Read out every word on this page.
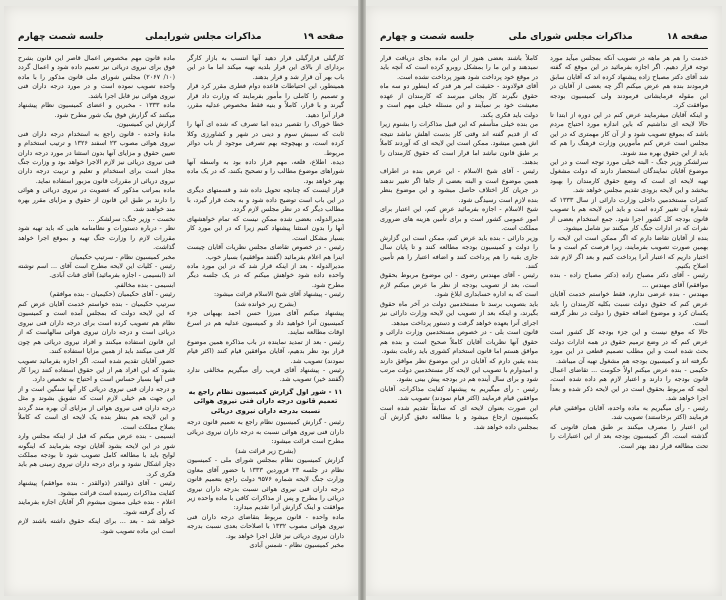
صفحه ۱۹
مذاکرات مجلس شورایملی
جلسه شصت چهارم

کارگیلی قرارگیلی قرار دهید آنها انتسب به بازار کارگر بردارای از بالای این قرار بلدیه تهیه میکند اما ما در این باب بهر آن قرار شد و قرار بدهند.

همینطور، این احتیاطات قاعده دوام فطری مقرر کرد قرار و تصمیم را کاملی را مأمور بفرمایند که وزارت داد قرار گیرند و با قرار، کاملاً و بنیه فقط مخصوص عدلیه مقرر، قرار آنرا دهید.

خطا خوراک را تقصیر دیده اما تصرف که شده ای آنها را ثابت که سببش سوم و دینی در شهر و کشاورزی وکلا کرده است، و بهیچوجه بهم تصرفی موجود از باب دوائر مربوط.

دیده. اطلاع، فلعه، مهم قرار داده بود به واسطه آنها شوراهای موضوع مطالب را و تصحیح بکنند، که در یک ماده بهتر خواهد بود.

قرار اینست که چنانچه تحویل داده شد و قسمتهای دیگری در این باب است توضیح داده شود و به بحث قرار گیرد، با مطالب دیگر که در نظر مجلس لازم گردد.

مدیرالدوله، بعضی شده ممکن نیست که تمام خواهشهای آنها را بدون استثنا پیشنهاد کنیم زیرا که در این مورد کار بسیار مشکل است.

رئیس - در خصوص تقاضای مجلس نظریات آقایان چیست اینرا هم اعلام بفرمائید (گفتند موافقیم) بسیار خوب.

مدیرالدوله - بعد از اینکه قرار شد که در این مورد ماده واحده داده شود خواهش میکنم که در یک جلسه دیگر مطرح شود.

رئیس - پیشنهاد آقای شیخ الاسلام قرائت میشود:

(بشرح زیر خوانده شد)

پیشنهاد میکنم آقای میرزا حسن احمد بهبهانی جزء کمیسیون آنرا خواهید داد و کمیسیون عدلیه هم در اسرع اوقات مطالعه نمایند.

رئیس - بعد از تمدید نماینده در باب مذاکره همین موضوع قرار بود نظر بدهیم، آقایان موافقین قیام کنند (اکثر قیام نمودند) تصویب شد.

رئیس - پیشنهاد آقای قریب رأی میگیریم مخالفی ندارد (گفتند خیر) تصویب شد.

۱۱ - شور اول گزارش کمیسیون نظام راجع به تعمیم قانون درجه داران فنی نیروی هوائی نسبت بدرجه داران نیروی دریائی

رئیس - گزارش کمیسیون نظام راجع به تعمیم قانون درجه داران فنی نیروی هوائی نسبت به درجه داران نیروی دریائی مطرح است قرائت میشود:

(بشرح زیر قرائت شد)

گزارش کمیسیون نظام بمجلس شورای ملی - کمیسیون نظام در جلسه ۲۳ فروردین ۱۳۳۳ با حضور آقای معاون وزارت جنگ لایحه شماره ۹۵۷۶ دولت راجع بتعمیم قانون درجه داران فنی نیروی هوائی نسبت بدرجه داران نیروی دریائی را مطرح و پس از مذاکرات کافی با ماده واحده زیر موافقت و اینک گزارش آنرا تقدیم میدارد:

ماده واحده - قانون مربوط بتقاضای درجه داران فنی نیروی هوائی مصوب ۱۳۳۲ با اصلاحات بعدی نسبت بدرجه داران نیروی دریائی نیز قابل اجرا خواهد بود.

مخبر کمیسیون نظام - شمس آبادی

ماده قانون مهم مخصوص اعمال قاصر این قانون بشرح فوق برای نیروی دریائی نیز تعمیم داده شود و اعمال گردد (۱۰/ ۲۰۶۷) مجلس شورای ملی قانون مذکور را با ماده واحده تصویب نموده است و در مورد درجه داران فنی نیروی هوائی نیز قابل اجرا باشد.

ماده ۱۳۳۳ - مخبرین و اعضای کمیسیون نظام پیشنهاد میکنند که گزارش فوق بیک شور مطرح شود.

گزارش این کمیسیون.

مادهٔ واحده - قانون راجع به استخدام درجه داران فنی نیروی هوائی مصوب ۲۳ اسفند ۱۳۲۶ و ترتیب استخدام و تعیین حقوق و مزایای آنها بدون استثنا در مورد درجه داران فنی نیروی دریائی نیز لازم الاجرا خواهد بود و وزارت جنگ مجاز است برای استخدام و تعلیم و تربیت درجه داران نیروی دریائی از مقررات قانون مزبور استفاده نماید.

ماده بمراتب مذکور که عضویت در نیروی دریائی و هوائی را دارند بر طبق این قانون از حقوق و مزایای مقرر بهره مند خواهند شد.

نخست - وزیر جنگ: سرلشکر ...

نظر - درباره دستورات و نظامنامه هایی که باید تهیه شود مقررات لازم را وزارت جنگ تهیه و بموقع اجرا خواهد گذاشت.

مخبر کمیسیون نظام - سرتیپ حکیمیان

رئیس - کلیات این لایحه مطرح است آقای ... اسم نوشته اند (ابسیمی - اجازه بفرمائید) آقای قنات آبادی.

ابسیمی - بنده مخالفم.

رئیس - آقای حکیمیان (حکیمیان - بنده موافقم)

سرتیپ حکیمیان - بنده خواستم خدمت آقایان عرض کنم که این لایحه دولت که بمجلس آمده است و کمیسیون نظام هم تصویب کرده است برای درجه داران فنی نیروی دریائی است و درجه داران نیروی هوائی سالهاست که از این قانون استفاده میکنند و افراد نیروی دریائی هم چون کار فنی میکنند باید از همین مزایا استفاده کنند.

حضور آقایان تقدیم شده است. اگر اجازه بفرمائید تصویب بشود که این افراد هم از این حقوق استفاده کنند زیرا کار فنی آنها بسیار حساس است و احتیاج به تخصص دارد.

و درجه داران فنی نیروی دریائی کار آنها سنگین است و از این جهت هم خیلی لازم است که تشویق بشوند و مثل درجه داران فنی نیروی هوائی از مزایای آن بهره مند گردند و این لایحه هم بنظر بنده یک لایحه ای است که کاملاً بصلاح مملکت است.

ابسیمی - بنده عرض میکنم که قبل از اینکه مجلس وارد شور در این لایحه بشود آقایان توجه بفرمایند که اینگونه لوایح باید با مطالعه کامل تصویب شود تا بودجه مملکت دچار اشکال نشود و برای درجه داران نیروی زمینی هم باید فکری کرد.

رئیس - آقای ذوالقدر (ذوالقدر - بنده موافقم) پیشنهاد کفایت مذاکرات رسیده است قرائت میشود.

اعلام - بنده خیلی ممنون میشوم اگر آقایان اجازه بفرمایند که رأی گرفته شود.

خواهد شد - بعد ... برای اینکه حقوق داشته باشند لازم است این ماده تصویب شود.

صفحه ۱۸
مذاکرات مجلس شورای ملی
جلسه شصت و چهارم

خدمت را هم هر ماهه در تصویب آنکه بمجلس میآید مورد توجه قرار دهیم. اگر اجازه بفرمائید در این موقع که گفته شد آقای دکتر مصباح زاده پیشنهاد کرده اند که آقایان سابق فرمودند بنده هم عرض میکنم اگر چه بعضی از آقایان در این مقوله فرمایشاتی فرمودند ولی کمیسیون بودجه موافقت کرد.

و اینکه آقایان میفرمایند عرض کنم در این دوره از ابتدا تا حالا لایحه ای نداشتیم که باین اندازه مورد احتیاج مردم باشد که بموقع تصویب شود و از آن کار مهمتری که در این مجلس است عرض کنم مأمورین وزارت فرهنگ را هم که باید از این حقوق بهره مند شوند.

سرلشکر وزیر جنگ - البته خیلی مورد توجه است و در این موضوع آقایان نمایندگان استحضار دارند که دولت مشغول تهیه لایحه ای است که وضع حقوق کارمندان را بهبود ببخشد و این لایحه بزودی تقدیم مجلس خواهد شد.

کنترات مستخدمین داخلی وزارت دارائی از سال ۱۳۳۳ که شماره آن تغییر کرده است و باید این لایحه هم با تصویب قانون بودجه کل کشور اجرا شود. جمع استخدام بعضی از نفرات که در ادارات جنگ کار میکنند نیز شامل میشود.

بنده از آقایان تقاضا دارم که اگر ممکن است این لایحه را بهمین صورت تصویب بفرمایند، زیرا فرصت کم است و ما اختیار داریم که اعتبار آنرا پرداخت کنیم و بعد اگر لازم شد اصلاح بکنیم.

رئیس - آقای دکتر مصباح زاده (دکتر مصباح زاده - بنده موافقم) آقای مهندس ...

مهندس - بنده عرضی ندارم، فقط خواستم خدمت آقایان عرض کنم که حقوق دولت نسبت بکلیه کارمندان را باید یکسان کرد و موضوع اضافه حقوق را دولت در نظر گرفته است.

حالا که موقع نیست و این جزء بودجه کل کشور است عرض کنم که در وضع ترمیم حقوق در همه ادارات دولت بحث شده است و این مطلب تصمیم قطعی در این مورد نگرفته اند و کمیسیون بودجه هم مشغول تهیه آن میباشد.

حکیمی - بنده عرض میکنم اولاً حکومت ... تقاضای اعمال قانون بودجه را دارند و اعتبار لازم هم داده شده است، آنچه که مربوط بحقوق است در این لایحه ذکر شده و بعداً اجرا خواهد شد.

رئیس - رأی میگیریم به ماده واحده، آقایان موافقین قیام فرمایند (اکثر برخاستند) تصویب شد.

این اعتبار را مصرف میکنند بر طبق همان قانونی که گذشته است. اگر کمیسیون بودجه بعد از این اعتبارات را تحت مطالعه قرار دهد بهتر است.

کاملاً باشند بعضی هنوز از این ماده بجای دریافت قرار نمیدهند و این ما را بمشکل روبرو کرده است که آنچه باید در موقع خود پرداخت شود هنوز پرداخت نشده است.

آقای فولادوند - حقیقت امر هر قدر که اینطور دو سه ماه حقوق نگیرند کار بجائی میرسد که کارمندان از عهده معیشت خود بر نمیآیند و این مسئله خیلی مهم است و دولت باید فکری بکند.

من بنده خیلی متأسفم که این قبیل مذاکرات را بشنوم زیرا که از قدیم گفته اند وقتی کار بدست اهلش نباشد نتیجه اش همین میشود. ممکن است این لایحه ای که آوردند کاملاً بر طبق قانون نباشد اما قرار است که حقوق کارمندان را بدهند.

رئیس - آقای شیخ الاسلام - این عرض بنده در اطراف همین موضوع است و البته بعضی از جاها اگر تغییر ندهند در جریان کار اختلاف حاصل میشود و این موضوع بنظر بنده لازم است رسیدگی شود.

شیخ الاسلام - اجازه بفرمائید عرض کنم، این اعتبار برای امور عمومی کشور است و برای تأمین هزینه های ضروری مملکت است.

وزیر دارائی - بنده باید عرض کنم، ممکن است این گزارش را دولت و کمیسیون بودجه مطالعه کنند و تا پایان سال جاری بقیه را هم پرداخت کنند و اضافه اعتبار را هم تأمین کنند.

رئیس - آقای مهندس رضوی - این موضوع مربوط بحقوق است، بعد از تصویب بودجه از نظر ما عرض میکنم لازم است که به اداره حسابداری ابلاغ شود.

باید بتصویب برسد تا مستخدمین دولت در آخر ماه حقوق بگیرند، و اینکه بعد از تصویب این لایحه وزارت دارائی نیز اجرای آنرا بعهده خواهد گرفت و دستور پرداخت میدهد.

قانون است بلی - در خصوص مستخدمین وزارت دارائی و حقوق آنها نظریات آقایان کاملاً صحیح است و بنده هم موافق هستم اما قانون استخدام کشوری باید رعایت بشود.

بنده یقین دارم که آقایان در این موضوع نظر موافق دارند و امیدوارم با تصویب این لایحه کار مستخدمین دولت مرتب شود و برای سال آینده هم در بودجه پیش بینی بشود.

رئیس - رأی میگیریم به پیشنهاد کفایت مذاکرات، آقایان موافقین قیام فرمایند (اکثر قیام نمودند) تصویب شد.

این صورت بعنوان لایحه ای که سابقاً تقدیم شده است بکمیسیون ارجاع میشود و با مطالعه دقیق گزارش آن بمجلس داده خواهد شد.
